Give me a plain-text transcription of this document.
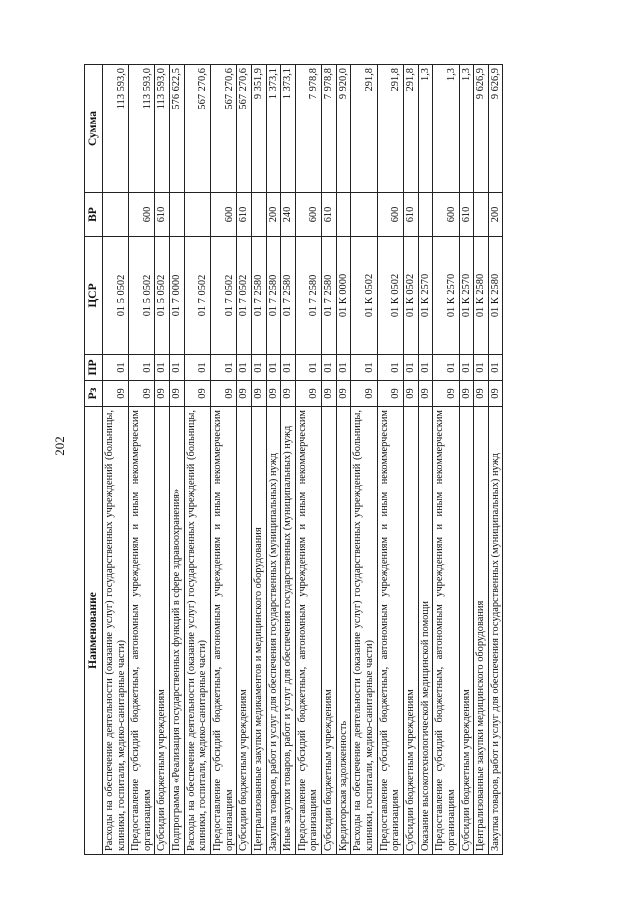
202
Наименование	Рз	ПР	ЦСР	ВР	Сумма
Расходы на обеспечение деятельности (оказание услуг) государственных учреждений (больницы, клиники, госпитали, медико-санитарные части)	09	01	01 5 0502		113 593,0
Предоставление субсидий бюджетным, автономным учреждениям и иным некоммерческим организациям	09	01	01 5 0502	600	113 593,0
Субсидии бюджетным учреждениям	09	01	01 5 0502	610	113 593,0
Подпрограмма «Реализация государственных функций в сфере здравоохранения»	09	01	01 7 0000		576 622,5
Расходы на обеспечение деятельности (оказание услуг) государственных учреждений (больницы, клиники, госпитали, медико-санитарные части)	09	01	01 7 0502		567 270,6
Предоставление субсидий бюджетным, автономным учреждениям и иным некоммерческим организациям	09	01	01 7 0502	600	567 270,6
Субсидии бюджетным учреждениям	09	01	01 7 0502	610	567 270,6
Централизованные закупки медикаментов и медицинского оборудования	09	01	01 7 2580		9 351,9
Закупка товаров, работ и услуг для обеспечения государственных (муниципальных) нужд	09	01	01 7 2580	200	1 373,1
Иные закупки товаров, работ и услуг для обеспечения государственных (муниципальных) нужд	09	01	01 7 2580	240	1 373,1
Предоставление субсидий бюджетным, автономным учреждениям и иным некоммерческим организациям	09	01	01 7 2580	600	7 978,8
Субсидии бюджетным учреждениям	09	01	01 7 2580	610	7 978,8
Кредиторская задолженность	09	01	01 К 0000		9 920,0
Расходы на обеспечение деятельности (оказание услуг) государственных учреждений (больницы, клиники, госпитали, медико-санитарные части)	09	01	01 К 0502		291,8
Предоставление субсидий бюджетным, автономным учреждениям и иным некоммерческим организациям	09	01	01 К 0502	600	291,8
Субсидии бюджетным учреждениям	09	01	01 К 0502	610	291,8
Оказание высокотехнологической медицинской помощи	09	01	01 К 2570		1,3
Предоставление субсидий бюджетным, автономным учреждениям и иным некоммерческим организациям	09	01	01 К 2570	600	1,3
Субсидии бюджетным учреждениям	09	01	01 К 2570	610	1,3
Централизованные закупки медицинского оборудования	09	01	01 К 2580		9 626,9
Закупка товаров, работ и услуг для обеспечения государственных (муниципальных) нужд	09	01	01 К 2580	200	9 626,9
